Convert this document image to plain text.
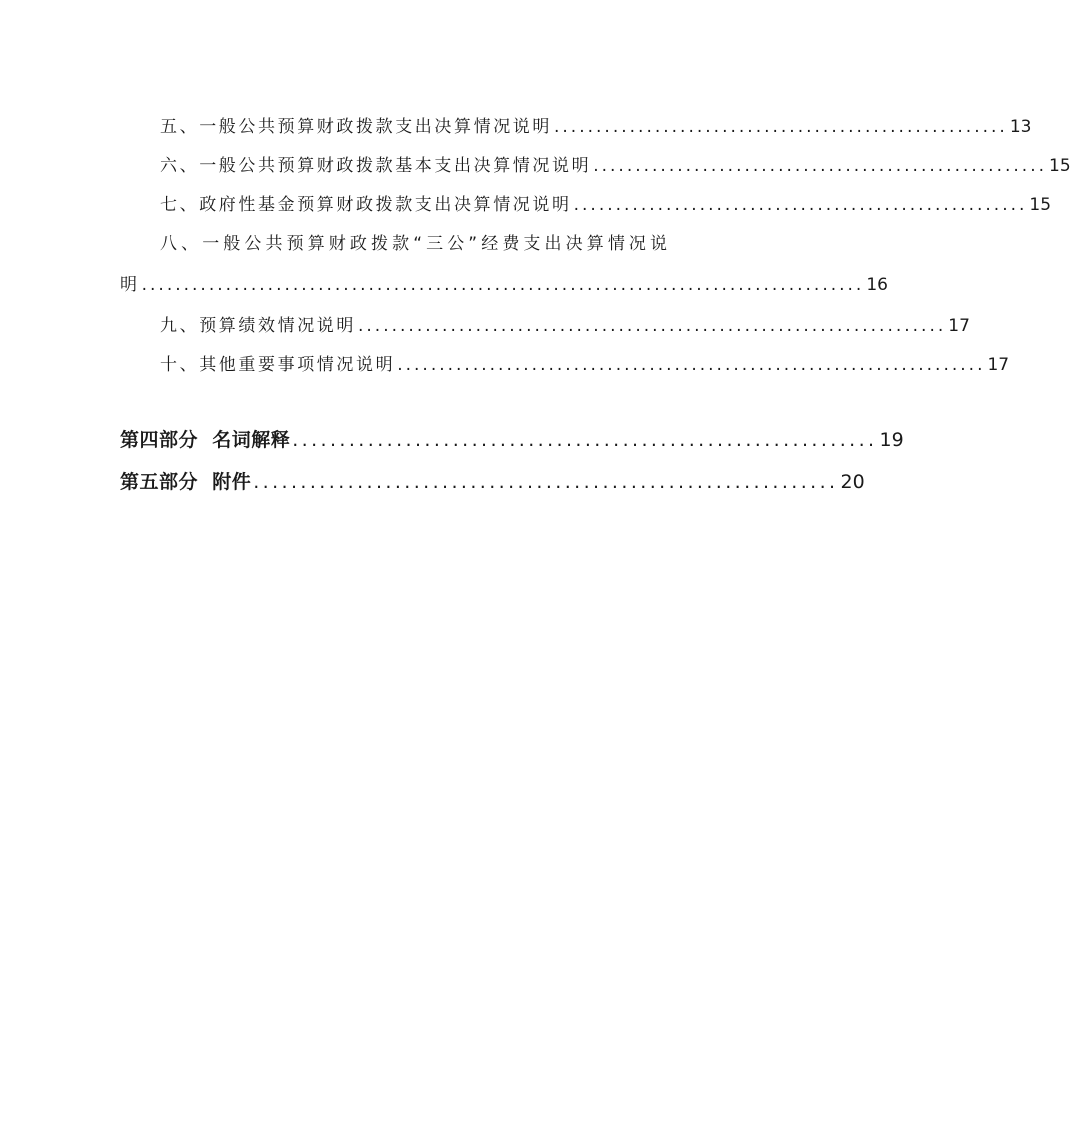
五、一般公共预算财政拨款支出决算情况说明 ...................................................... 13
六、一般公共预算财政拨款基本支出决算情况说明 ...................................................... 15
七、政府性基金预算财政拨款支出决算情况说明 ...................................................... 15
八、一般公共预算财政拨款“三公”经费支出决算情况说
明 ...................................................................................... 16
九、预算绩效情况说明 ...................................................................... 17
十、其他重要事项情况说明 ...................................................................... 17
第四部分  名词解释 .............................................................. 19
第五部分  附件 .............................................................. 20
